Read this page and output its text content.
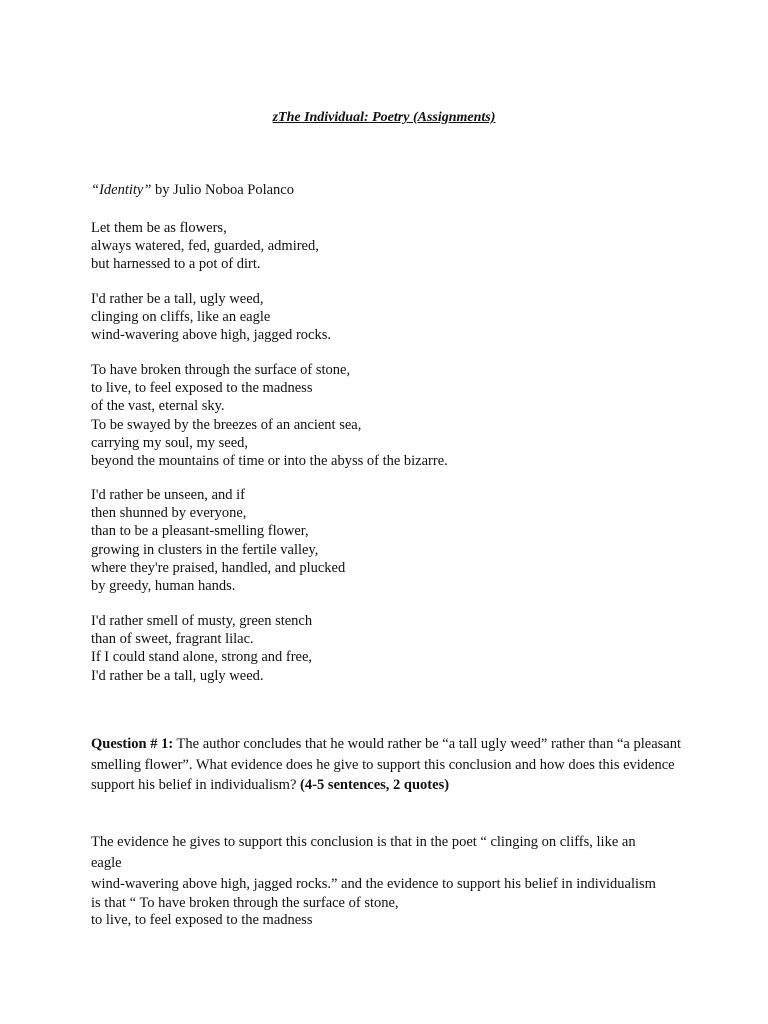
zThe Individual: Poetry (Assignments)
“Identity” by Julio Noboa Polanco
Let them be as flowers,
always watered, fed, guarded, admired,
but harnessed to a pot of dirt.
I'd rather be a tall, ugly weed,
clinging on cliffs, like an eagle
wind-wavering above high, jagged rocks.
To have broken through the surface of stone,
to live, to feel exposed to the madness
of the vast, eternal sky.
To be swayed by the breezes of an ancient sea,
carrying my soul, my seed,
beyond the mountains of time or into the abyss of the bizarre.
I'd rather be unseen, and if
then shunned by everyone,
than to be a pleasant-smelling flower,
growing in clusters in the fertile valley,
where they're praised, handled, and plucked
by greedy, human hands.
I'd rather smell of musty, green stench
than of sweet, fragrant lilac.
If I could stand alone, strong and free,
I'd rather be a tall, ugly weed.
Question # 1: The author concludes that he would rather be “a tall ugly weed” rather than “a pleasant smelling flower”. What evidence does he give to support this conclusion and how does this evidence support his belief in individualism? (4-5 sentences, 2 quotes)
The evidence he gives to support this conclusion is that in the poet “ clinging on cliffs, like an
eagle
wind-wavering above high, jagged rocks.” and the evidence to support his belief in individualism
is that “ To have broken through the surface of stone,
to live, to feel exposed to the madness
